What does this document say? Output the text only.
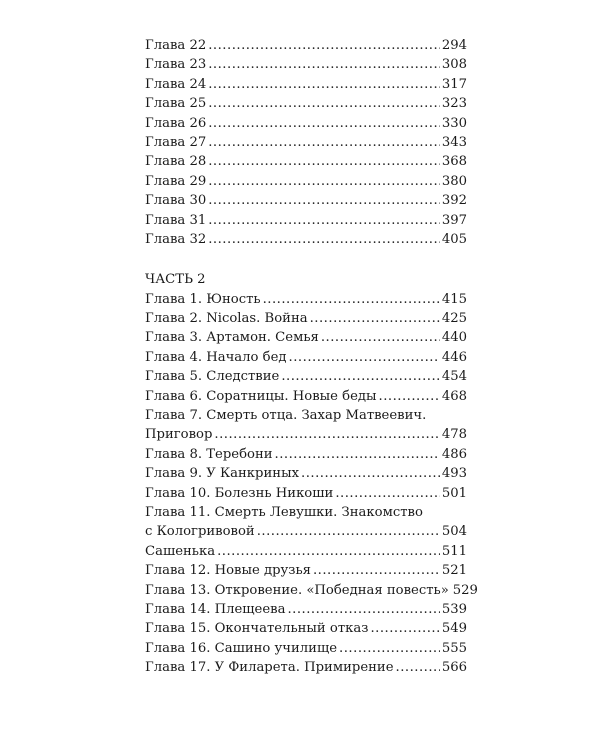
Глава 22 .....	294
Глава 23 .....	308
Глава 24 .....	317
Глава 25 .....	323
Глава 26 .....	330
Глава 27 .....	343
Глава 28 .....	368
Глава 29 .....	380
Глава 30 .....	392
Глава 31 .....	397
Глава 32 .....	405
ЧАСТЬ 2
Глава 1. Юность .....	415
Глава 2. Nicolas. Война .....	425
Глава 3. Артамон. Семья .....	440
Глава 4. Начало бед .....	446
Глава 5. Следствие .....	454
Глава 6. Соратницы. Новые беды .....	468
Глава 7. Смерть отца. Захар Матвеевич.
Приговор .....	478
Глава 8. Теребони .....	486
Глава 9. У Канкриных .....	493
Глава 10. Болезнь Никоши .....	501
Глава 11. Смерть Левушки. Знакомство
с Кологривовой .....	504
Сашенька .....	511
Глава 12. Новые друзья .....	521
Глава 13. Откровение. «Победная повесть» 529
Глава 14. Плещеева .....	539
Глава 15. Окончательный отказ .....	549
Глава 16. Сашино училище .....	555
Глава 17. У Филарета. Примирение .....	566
